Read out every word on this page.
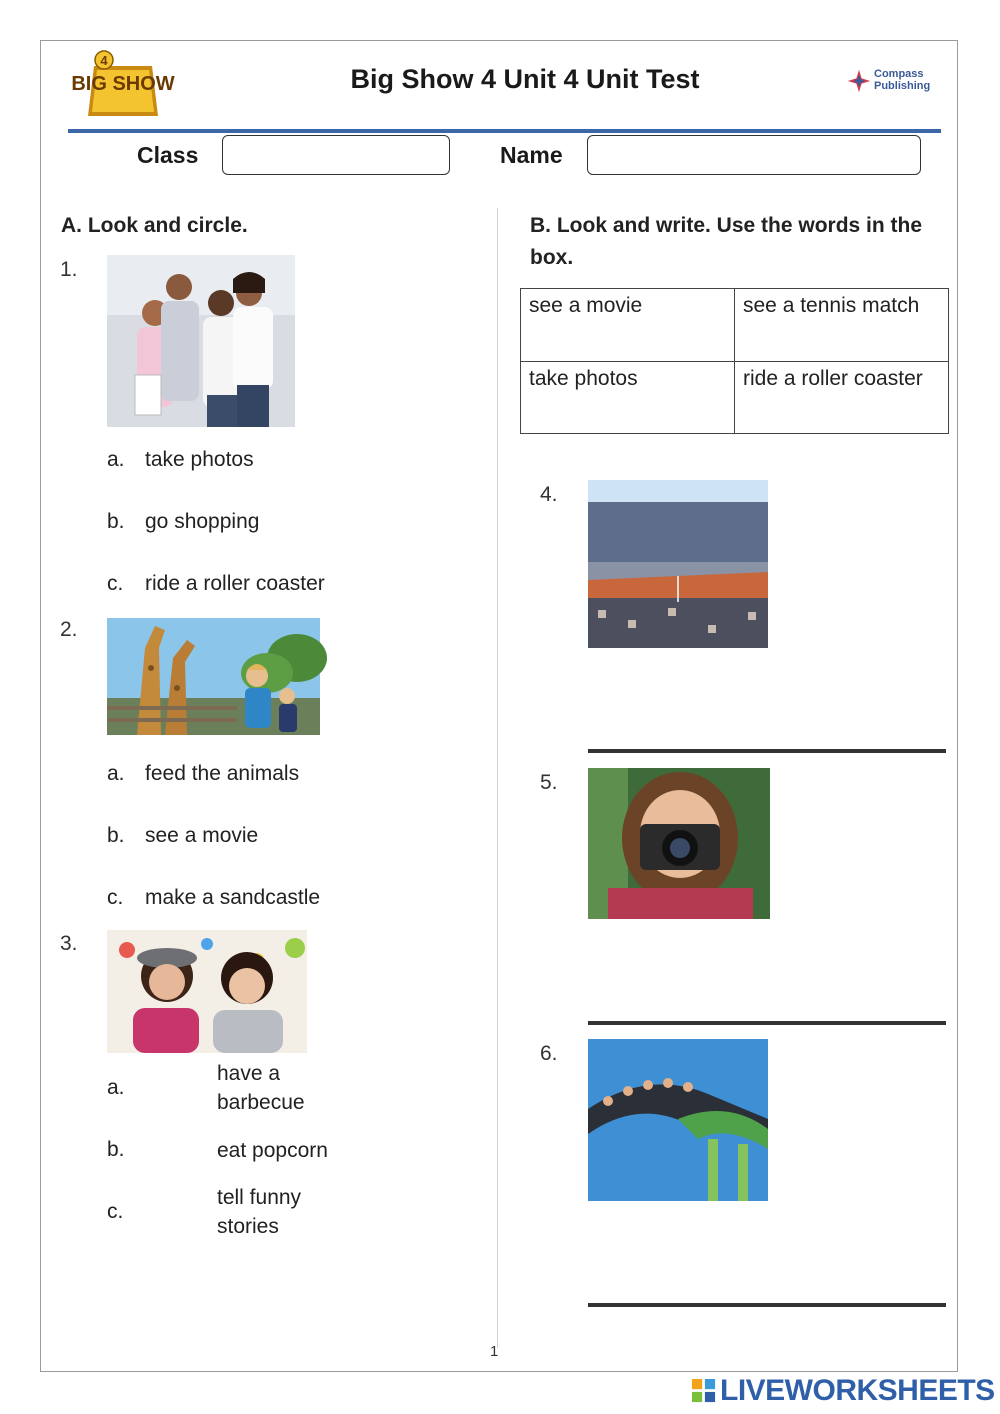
BIG SHOW
4
Big Show 4 Unit 4 Unit Test	Compass Publishing
Class	Name
A. Look and circle.
1.
a. take photos
b. go shopping
c. ride a roller coaster
2.
a. feed the animals
b. see a movie
c. make a sandcastle
3.
a.
have a barbecue
b.	eat popcorn
c.
tell funny stories
B. Look and write. Use the words in the box.
see a movie	see a tennis match
take photos	ride a roller coaster
4.
5.
6.
1
LIVEWORKSHEETS
